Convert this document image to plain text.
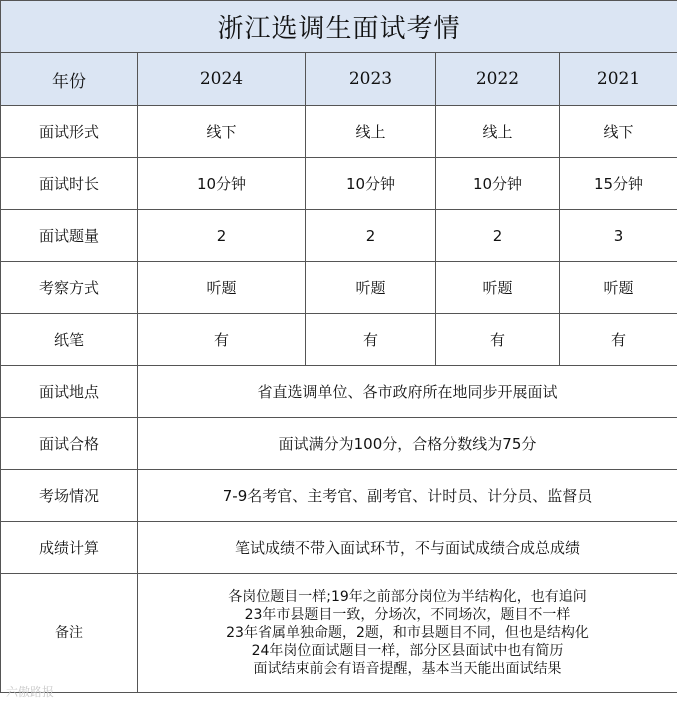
浙江选调生面试考情				
年份	2024	2023	2022	2021
面试形式	线下	线上	线上	线下
面试时长	10分钟	10分钟	10分钟	15分钟
面试题量	2	2	2	3
考察方式	听题	听题	听题	听题
纸笔	有	有	有	有
面试地点	省直选调单位、各市政府所在地同步开展面试			
面试合格	面试满分为100分，合格分数线为75分			
考场情况	7-9名考官、主考官、副考官、计时员、计分员、监督员			
成绩计算	笔试成绩不带入面试环节，不与面试成绩合成总成绩			
备注	各岗位题目一样;19年之前部分岗位为半结构化，也有追问
23年市县题目一致，分场次，不同场次，题目不一样
23年省属单独命题，2题，和市县题目不同，但也是结构化
24年岗位面试题目一样，部分区县面试中也有简历
面试结束前会有语音提醒，基本当天能出面试结果			
六傲路报
